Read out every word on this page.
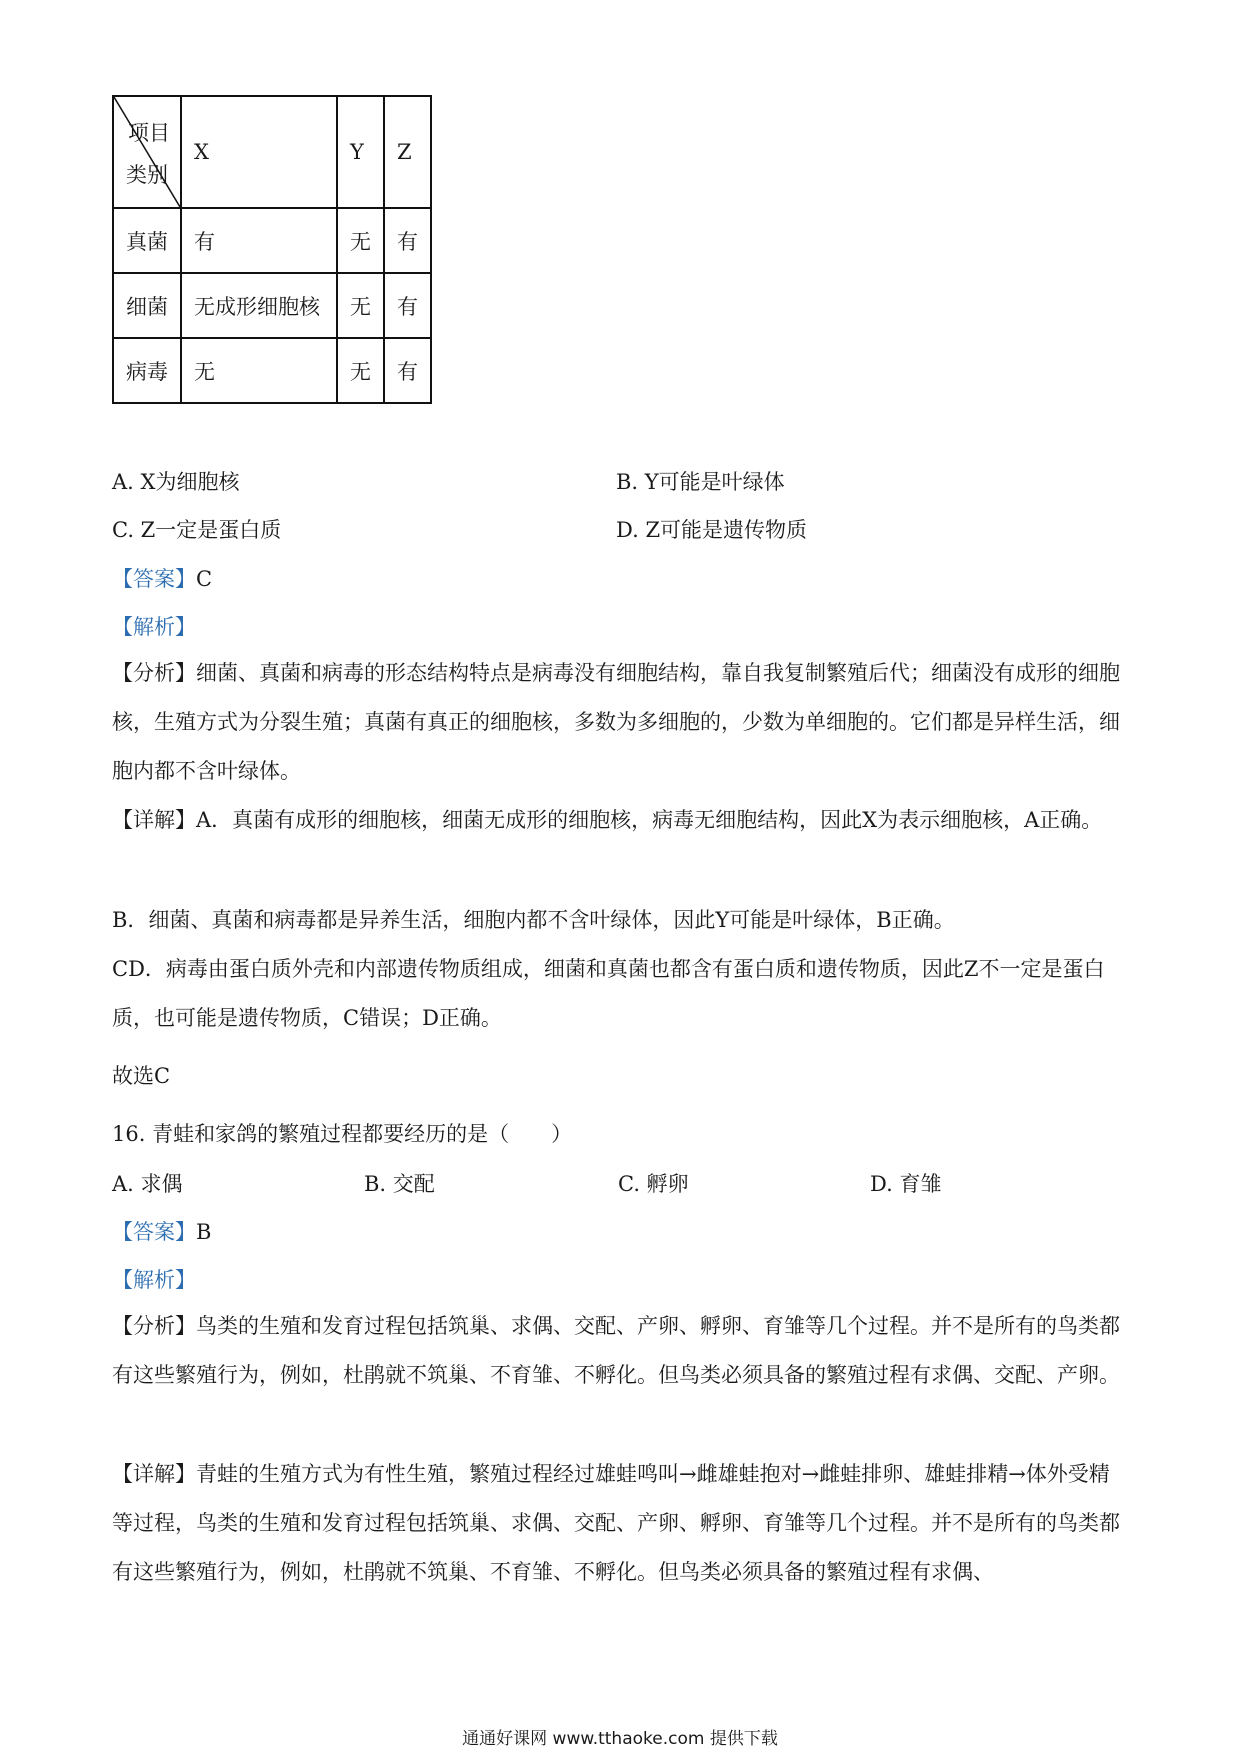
项目
类别	X	Y	Z
真菌	有	无	有
细菌	无成形细胞核	无	有
病毒	无	无	有
A. X为细胞核	B. Y可能是叶绿体
C. Z一定是蛋白质	D. Z可能是遗传物质
【答案】C
【解析】
【分析】细菌、真菌和病毒的形态结构特点是病毒没有细胞结构，靠自我复制繁殖后代；细菌没有成形的细胞核，生殖方式为分裂生殖；真菌有真正的细胞核，多数为多细胞的，少数为单细胞的。它们都是异样生活，细胞内都不含叶绿体。
【详解】A．真菌有成形的细胞核，细菌无成形的细胞核，病毒无细胞结构，因此X为表示细胞核，A正确。
B．细菌、真菌和病毒都是异养生活，细胞内都不含叶绿体，因此Y可能是叶绿体，B正确。
CD．病毒由蛋白质外壳和内部遗传物质组成，细菌和真菌也都含有蛋白质和遗传物质，因此Z不一定是蛋白质，也可能是遗传物质，C错误；D正确。
故选C
16. 青蛙和家鸽的繁殖过程都要经历的是（　　）
A. 求偶	B. 交配	C. 孵卵	D. 育雏
【答案】B
【解析】
【分析】鸟类的生殖和发育过程包括筑巢、求偶、交配、产卵、孵卵、育雏等几个过程。并不是所有的鸟类都有这些繁殖行为，例如，杜鹃就不筑巢、不育雏、不孵化。但鸟类必须具备的繁殖过程有求偶、交配、产卵。
【详解】青蛙的生殖方式为有性生殖，繁殖过程经过雄蛙鸣叫→雌雄蛙抱对→雌蛙排卵、雄蛙排精→体外受精等过程，鸟类的生殖和发育过程包括筑巢、求偶、交配、产卵、孵卵、育雏等几个过程。并不是所有的鸟类都有这些繁殖行为，例如，杜鹃就不筑巢、不育雏、不孵化。但鸟类必须具备的繁殖过程有求偶、
通通好课网 www.tthaoke.com 提供下载
